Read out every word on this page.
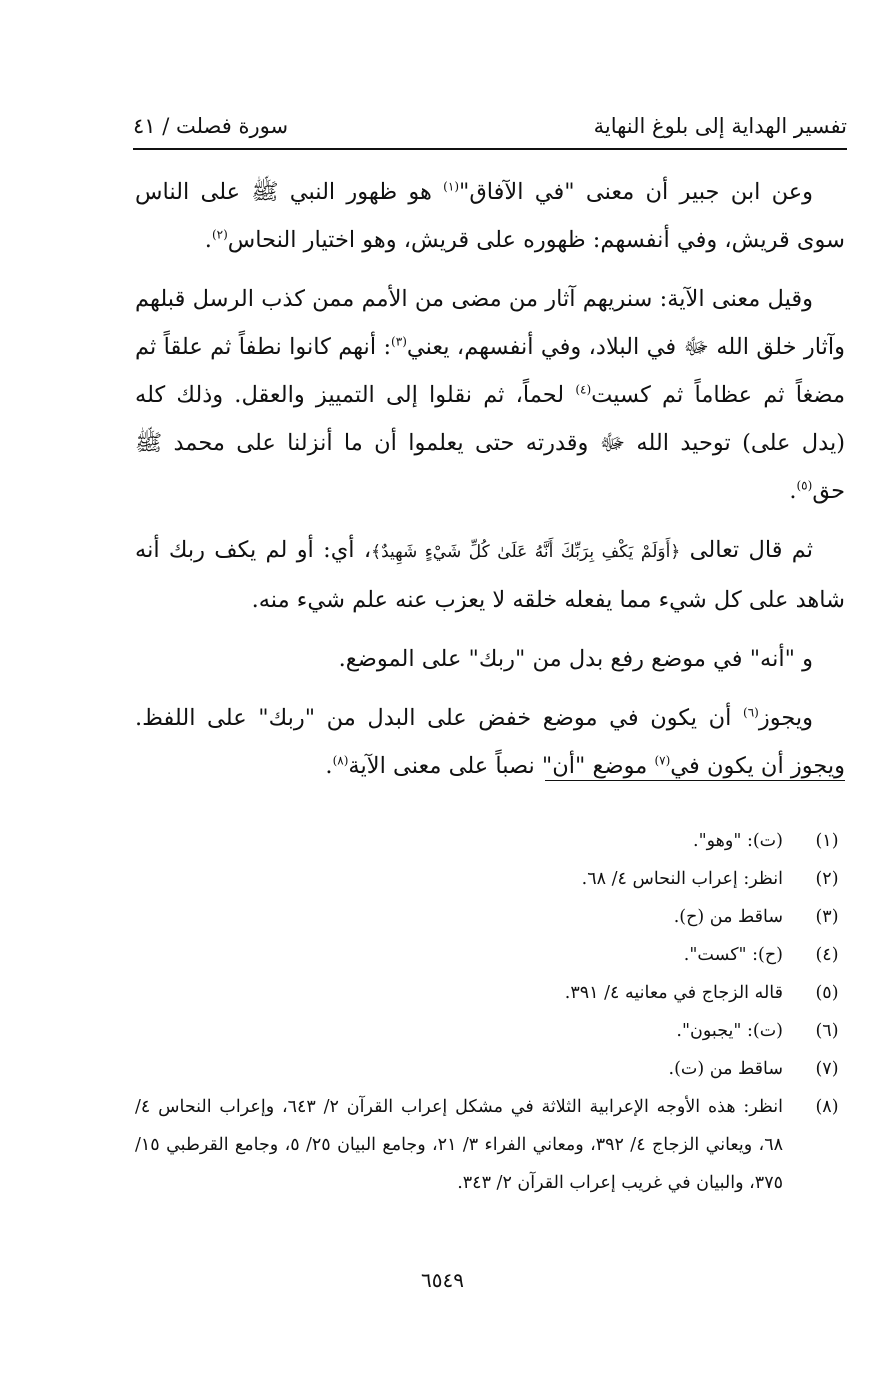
تفسير الهداية إلى بلوغ النهاية
سورة فصلت / ٤١

وعن ابن جبير أن معنى "في الآفاق"$^{(١)}$ هو ظهور النبي ﷺ على الناس سوى قريش، وفي أنفسهم: ظهوره على قريش، وهو اختيار النحاس$^{(٢)}$.

وقيل معنى الآية: سنريهم آثار من مضى من الأمم ممن كذب الرسل قبلهم وآثار خلق الله ﷻ في البلاد، وفي أنفسهم، يعني$^{(٣)}$: أنهم كانوا نطفاً ثم علقاً ثم مضغاً ثم عظاماً ثم كسيت$^{(٤)}$ لحماً، ثم نقلوا إلى التمييز والعقل. وذلك كله (يدل على) توحيد الله ﷻ وقدرته حتى يعلموا أن ما أنزلنا على محمد ﷺ حق$^{(٥)}$.

ثم قال تعالى ﴿أَوَلَمْ يَكْفِ بِرَبِّكَ أَنَّهُ عَلَىٰ كُلِّ شَيْءٍ شَهِيدٌ﴾، أي: أو لم يكف ربك أنه شاهد على كل شيء مما يفعله خلقه لا يعزب عنه علم شيء منه.

و "أنه" في موضع رفع بدل من "ربك" على الموضع.

ويجوز$^{(٦)}$ أن يكون في موضع خفض على البدل من "ربك" على اللفظ. ويجوز أن يكون في$^{(٧)}$ موضع "أن" نصباً على معنى الآية$^{(٨)}$.

(١)
(ت): "وهو".
(٢)
انظر: إعراب النحاس ٤/ ٦٨.
(٣)
ساقط من (ح).
(٤)
(ح): "كست".
(٥)
قاله الزجاج في معانيه ٤/ ٣٩١.
(٦)
(ت): "يجبون".
(٧)
ساقط من (ت).
(٨)
انظر: هذه الأوجه الإعرابية الثلاثة في مشكل إعراب القرآن ٢/ ٦٤٣، وإعراب النحاس ٤/ ٦٨، ويعاني الزجاج ٤/ ٣٩٢، ومعاني الفراء ٣/ ٢١، وجامع البيان ٢٥/ ٥، وجامع القرطبي ١٥/ ٣٧٥، والبيان في غريب إعراب القرآن ٢/ ٣٤٣.
٦٥٤٩
